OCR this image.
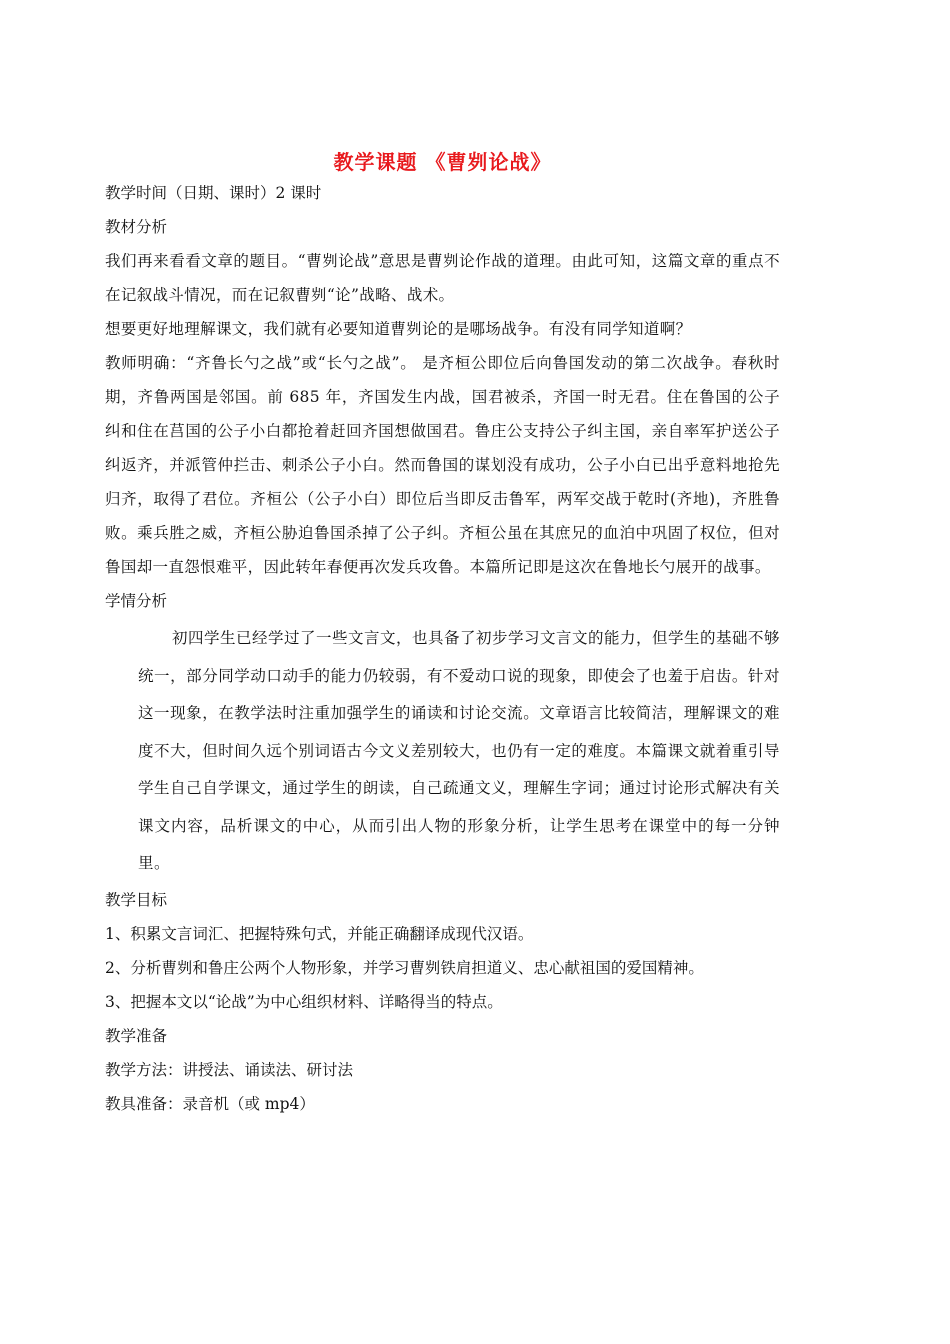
教学课题 《曹刿论战》
教学时间（日期、课时）2 课时
教材分析
我们再来看看文章的题目。“曹刿论战”意思是曹刿论作战的道理。由此可知，这篇文章的重点不在记叙战斗情况，而在记叙曹刿“论”战略、战术。
想要更好地理解课文，我们就有必要知道曹刿论的是哪场战争。有没有同学知道啊？
教师明确：“齐鲁长勺之战”或“长勺之战”。 是齐桓公即位后向鲁国发动的第二次战争。春秋时期，齐鲁两国是邻国。前 685 年，齐国发生内战，国君被杀，齐国一时无君。住在鲁国的公子纠和住在莒国的公子小白都抢着赶回齐国想做国君。鲁庄公支持公子纠主国，亲自率军护送公子纠返齐，并派管仲拦击、刺杀公子小白。然而鲁国的谋划没有成功，公子小白已出乎意料地抢先归齐，取得了君位。齐桓公（公子小白）即位后当即反击鲁军，两军交战于乾时(齐地)，齐胜鲁败。乘兵胜之威，齐桓公胁迫鲁国杀掉了公子纠。齐桓公虽在其庶兄的血泊中巩固了权位，但对鲁国却一直怨恨难平，因此转年春便再次发兵攻鲁。本篇所记即是这次在鲁地长勺展开的战事。
学情分析
初四学生已经学过了一些文言文，也具备了初步学习文言文的能力，但学生的基础不够统一，部分同学动口动手的能力仍较弱，有不爱动口说的现象，即使会了也羞于启齿。针对这一现象，在教学法时注重加强学生的诵读和讨论交流。文章语言比较简洁，理解课文的难度不大，但时间久远个别词语古今文义差别较大，也仍有一定的难度。本篇课文就着重引导学生自己自学课文，通过学生的朗读，自己疏通文义，理解生字词；通过讨论形式解决有关课文内容，品析课文的中心，从而引出人物的形象分析，让学生思考在课堂中的每一分钟里。
教学目标
1、积累文言词汇、把握特殊句式，并能正确翻译成现代汉语。
2、分析曹刿和鲁庄公两个人物形象，并学习曹刿铁肩担道义、忠心献祖国的爱国精神。
3、把握本文以“论战”为中心组织材料、详略得当的特点。
教学准备
教学方法：讲授法、诵读法、研讨法
教具准备：录音机（或 mp4）
